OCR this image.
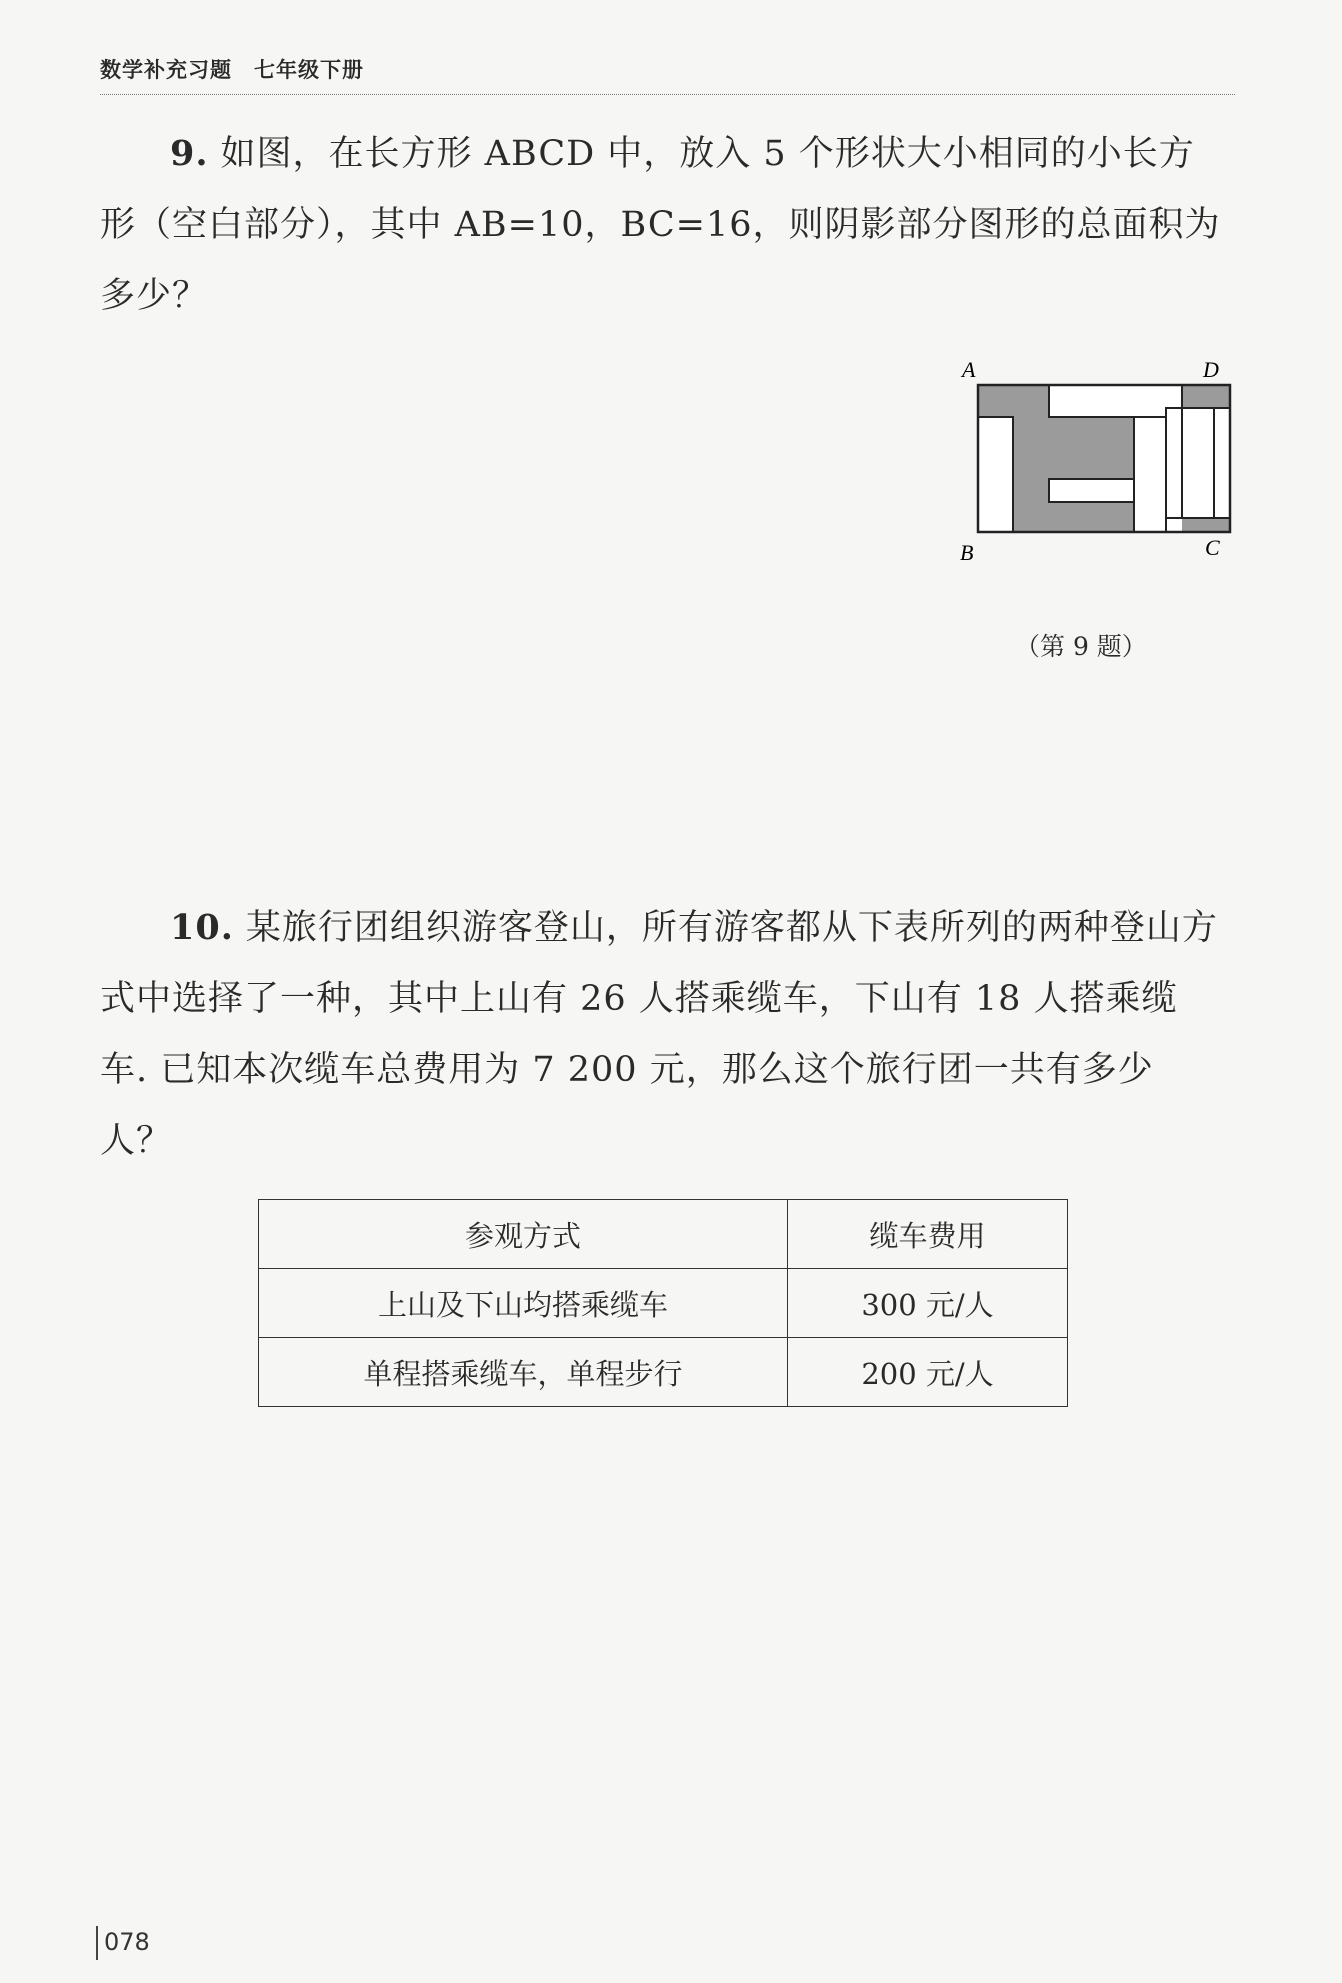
数学补充习题 七年级下册

9. 如图，在长方形 ABCD 中，放入 5 个形状大小相同的小长方形（空白部分），其中 AB=10，BC=16，则阴影部分图形的总面积为多少？

A	D
B	C
（第 9 题）

10. 某旅行团组织游客登山，所有游客都从下表所列的两种登山方式中选择了一种，其中上山有 26 人搭乘缆车，下山有 18 人搭乘缆车. 已知本次缆车总费用为 7 200 元，那么这个旅行团一共有多少人？

参观方式	缆车费用
上山及下山均搭乘缆车	300 元/人
单程搭乘缆车，单程步行	200 元/人
078
